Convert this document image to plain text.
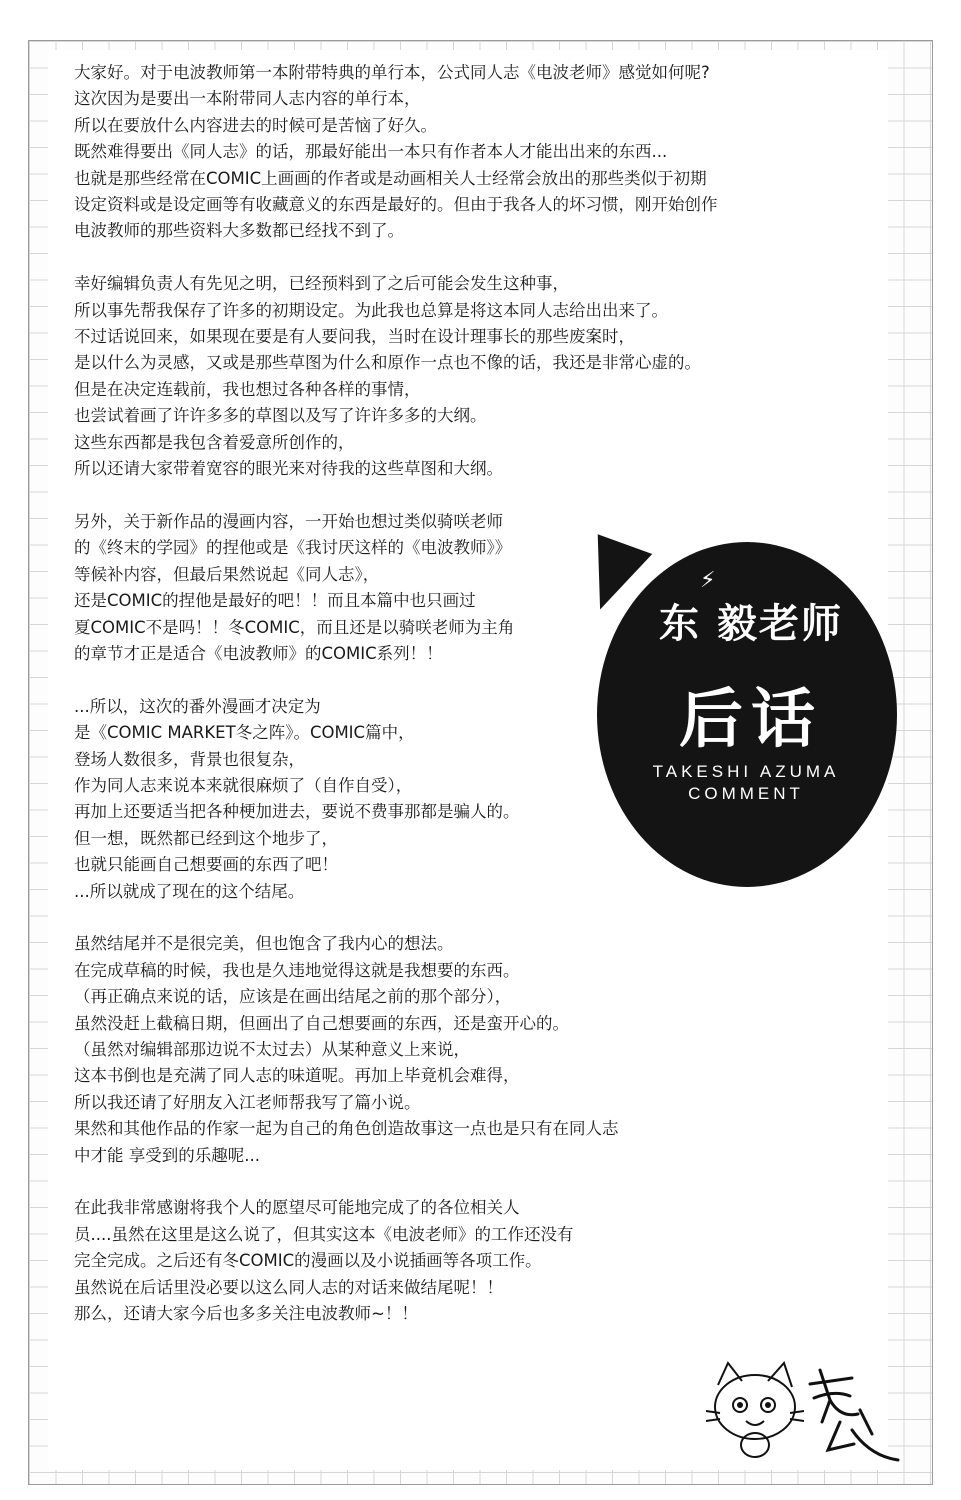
大家好。对于电波教师第一本附带特典的单行本，公式同人志《电波老师》感觉如何呢?
这次因为是要出一本附带同人志内容的单行本，
所以在要放什么内容进去的时候可是苦恼了好久。
既然难得要出《同人志》的话，那最好能出一本只有作者本人才能出出来的东西...
也就是那些经常在COMIC上画画的作者或是动画相关人士经常会放出的那些类似于初期
设定资料或是设定画等有收藏意义的东西是最好的。但由于我各人的坏习惯，刚开始创作
电波教师的那些资料大多数都已经找不到了。
幸好编辑负责人有先见之明，已经预料到了之后可能会发生这种事，
所以事先帮我保存了许多的初期设定。为此我也总算是将这本同人志给出出来了。
不过话说回来，如果现在要是有人要问我，当时在设计理事长的那些废案时，
是以什么为灵感，又或是那些草图为什么和原作一点也不像的话，我还是非常心虚的。
但是在决定连载前，我也想过各种各样的事情，
也尝试着画了许许多多的草图以及写了许许多多的大纲。
这些东西都是我包含着爱意所创作的，
所以还请大家带着宽容的眼光来对待我的这些草图和大纲。
另外，关于新作品的漫画内容，一开始也想过类似骑咲老师
的《终末的学园》的捏他或是《我讨厌这样的《电波教师》》
等候补内容，但最后果然说起《同人志》，
还是COMIC的捏他是最好的吧！！而且本篇中也只画过
夏COMIC不是吗！！冬COMIC，而且还是以骑咲老师为主角
的章节才正是适合《电波教师》的COMIC系列！！
...所以，这次的番外漫画才决定为
是《COMIC MARKET冬之阵》。COMIC篇中，
登场人数很多，背景也很复杂，
作为同人志来说本来就很麻烦了（自作自受），
再加上还要适当把各种梗加进去，要说不费事那都是骗人的。
但一想，既然都已经到这个地步了，
也就只能画自己想要画的东西了吧！
...所以就成了现在的这个结尾。
虽然结尾并不是很完美，但也饱含了我内心的想法。
在完成草稿的时候，我也是久违地觉得这就是我想要的东西。
（再正确点来说的话，应该是在画出结尾之前的那个部分），
虽然没赶上截稿日期，但画出了自己想要画的东西，还是蛮开心的。
（虽然对编辑部那边说不太过去）从某种意义上来说，
这本书倒也是充满了同人志的味道呢。再加上毕竟机会难得，
所以我还请了好朋友入江老师帮我写了篇小说。
果然和其他作品的作家一起为自己的角色创造故事这一点也是只有在同人志
中才能 享受到的乐趣呢...
在此我非常感谢将我个人的愿望尽可能地完成了的各位相关人
员....虽然在这里是这么说了，但其实这本《电波老师》的工作还没有
完全完成。之后还有冬COMIC的漫画以及小说插画等各项工作。
虽然说在后话里没必要以这么同人志的对话来做结尾呢！！
那么，还请大家今后也多多关注电波教师~！！
⚡
东 毅老师
后话
TAKESHI AZUMA
COMMENT
